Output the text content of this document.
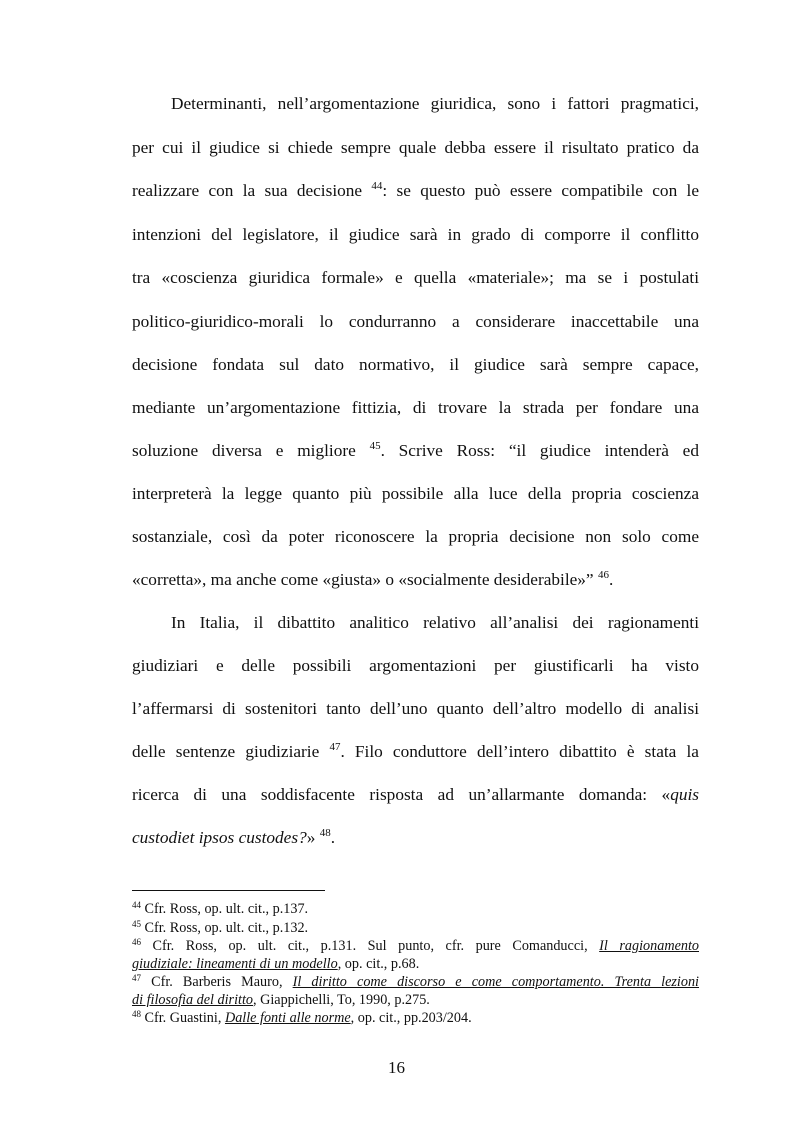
Determinanti, nell’argomentazione giuridica, sono i fattori pragmatici,
per cui il giudice si chiede sempre quale debba essere il risultato pratico da
realizzare con la sua decisione $^{44}$: se questo può essere compatibile con le
intenzioni del legislatore, il giudice sarà in grado di comporre il conflitto
tra «coscienza giuridica formale» e quella «materiale»; ma se i postulati
politico-giuridico-morali lo condurranno a considerare inaccettabile una
decisione fondata sul dato normativo, il giudice sarà sempre capace,
mediante un’argomentazione fittizia, di trovare la strada per fondare una
soluzione diversa e migliore $^{45}$. Scrive Ross: “il giudice intenderà ed
interpreterà la legge quanto più possibile alla luce della propria coscienza
sostanziale, così da poter riconoscere la propria decisione non solo come
«corretta», ma anche come «giusta» o «socialmente desiderabile»” $^{46}$.
In Italia, il dibattito analitico relativo all’analisi dei ragionamenti
giudiziari e delle possibili argomentazioni per giustificarli ha visto
l’affermarsi di sostenitori tanto dell’uno quanto dell’altro modello di analisi
delle sentenze giudiziarie $^{47}$. Filo conduttore dell’intero dibattito è stata la
ricerca di una soddisfacente risposta ad un’allarmante domanda: «quis
custodiet ipsos custodes?» $^{48}$.
$^{44}$ Cfr. Ross, op. ult. cit., p.137.
$^{45}$ Cfr. Ross, op. ult. cit., p.132.
$^{46}$ Cfr. Ross, op. ult. cit., p.131. Sul punto, cfr. pure Comanducci, Il ragionamento
giudiziale: lineamenti di un modello, op. cit., p.68.
$^{47}$ Cfr. Barberis Mauro, Il diritto come discorso e come comportamento. Trenta lezioni
di filosofia del diritto, Giappichelli, To, 1990, p.275.
$^{48}$ Cfr. Guastini, Dalle fonti alle norme, op. cit., pp.203/204.
16
